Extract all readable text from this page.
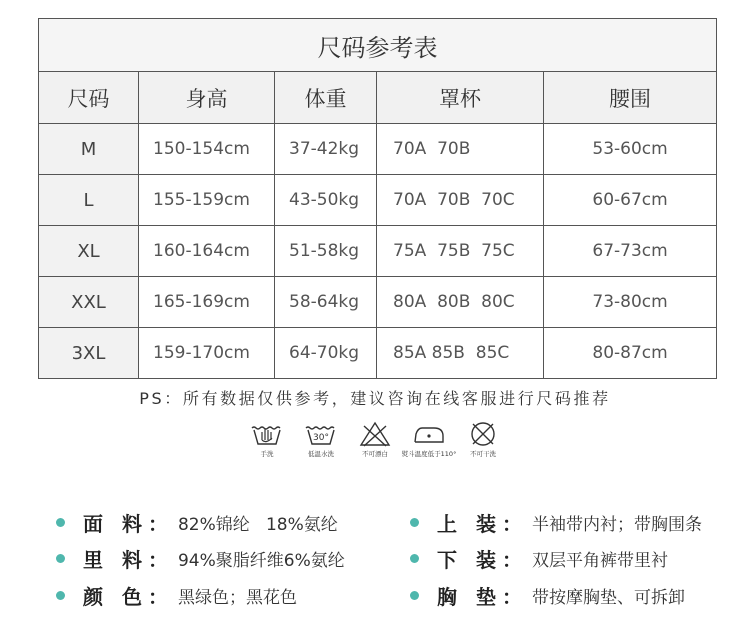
尺码参考表				
尺码	身高	体重	罩杯	腰围
M	150-154cm	37-42kg	70A  70B	53-60cm
L	155-159cm	43-50kg	70A  70B  70C	60-67cm
XL	160-164cm	51-58kg	75A  75B  75C	67-73cm
XXL	165-169cm	58-64kg	80A  80B  80C	73-80cm
3XL	159-170cm	64-70kg	85A 85B  85C	80-87cm
PS：所有数据仅供参考，建议咨询在线客服进行尺码推荐
手洗
30°
低温水洗	不可漂白	熨斗温度低于110°	不可干洗
面 料： 82%锦纶   18%氨纶
里 料： 94%聚脂纤维6%氨纶
颜 色： 黑绿色；黑花色
上 装： 半袖带内衬；带胸围条
下 装： 双层平角裤带里衬
胸 垫： 带按摩胸垫、可拆卸
